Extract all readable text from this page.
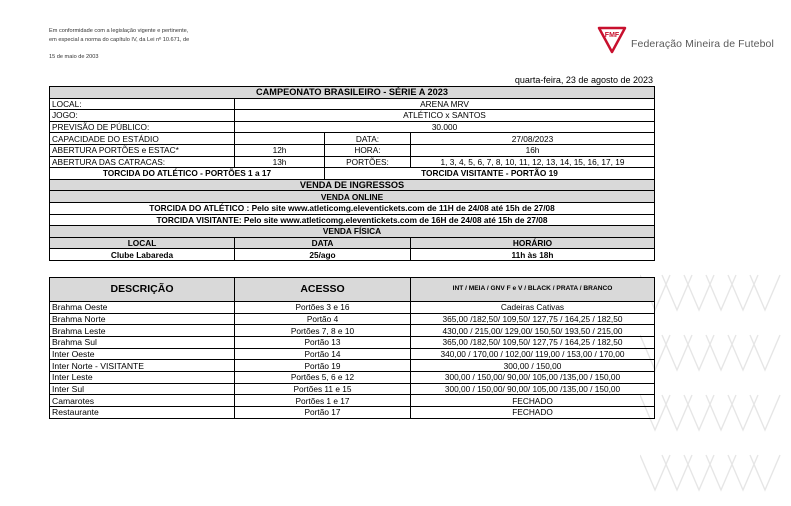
Em conformidade com a legislação vigente e pertinente,
em especial a norma do capítulo IV, da Lei nº 10.671, de
15 de maio de 2003
FMF
Federação Mineira de Futebol
quarta-feira, 23 de agosto de 2023
CAMPEONATO BRASILEIRO - SÉRIE A 2023			
LOCAL:	ARENA MRV		
JOGO:	ATLÉTICO x SANTOS		
PREVISÃO DE PÚBLICO:	30.000		
CAPACIDADE DO ESTÁDIO		DATA:	27/08/2023
ABERTURA PORTÕES e ESTAC*	12h	HORA:	16h
ABERTURA DAS CATRACAS:	13h	PORTÕES:	1, 3, 4, 5, 6, 7, 8, 10, 11, 12, 13, 14, 15, 16, 17, 19
TORCIDA DO ATLÉTICO - PORTÕES 1 a 17		TORCIDA VISITANTE - PORTÃO 19	
VENDA DE INGRESSOS			
VENDA ONLINE			
TORCIDA DO ATLÉTICO : Pelo site www.atleticomg.eleventickets.com de 11H de 24/08 até 15h de 27/08			
TORCIDA VISITANTE: Pelo site www.atleticomg.eleventickets.com de 16H de 24/08 até 15h de 27/08			
VENDA FÍSICA			
LOCAL	DATA		HORÁRIO
Clube Labareda	25/ago		11h às 18h

DESCRIÇÃO	ACESSO		INT / MEIA / GNV F e V / BLACK / PRATA / BRANCO
Brahma Oeste	Portões 3 e 16		Cadeiras Cativas
Brahma Norte	Portão 4		365,00 /182,50/ 109,50/ 127,75 / 164,25 / 182,50
Brahma Leste	Portões 7, 8 e 10		430,00 / 215,00/ 129,00/ 150,50/ 193,50 / 215,00
Brahma Sul	Portão 13		365,00 /182,50/ 109,50/ 127,75 / 164,25 / 182,50
Inter Oeste	Portão 14		340,00 / 170,00 / 102,00/ 119,00 / 153,00 / 170,00
Inter Norte - VISITANTE	Portão 19		300,00 / 150,00
Inter Leste	Portões 5, 6 e 12		300,00 / 150,00/ 90,00/ 105,00 /135,00 / 150,00
Inter Sul	Portões 11 e 15		300,00 / 150,00/ 90,00/ 105,00 /135,00 / 150,00
Camarotes	Portões 1 e 17		FECHADO
Restaurante	Portão 17		FECHADO
